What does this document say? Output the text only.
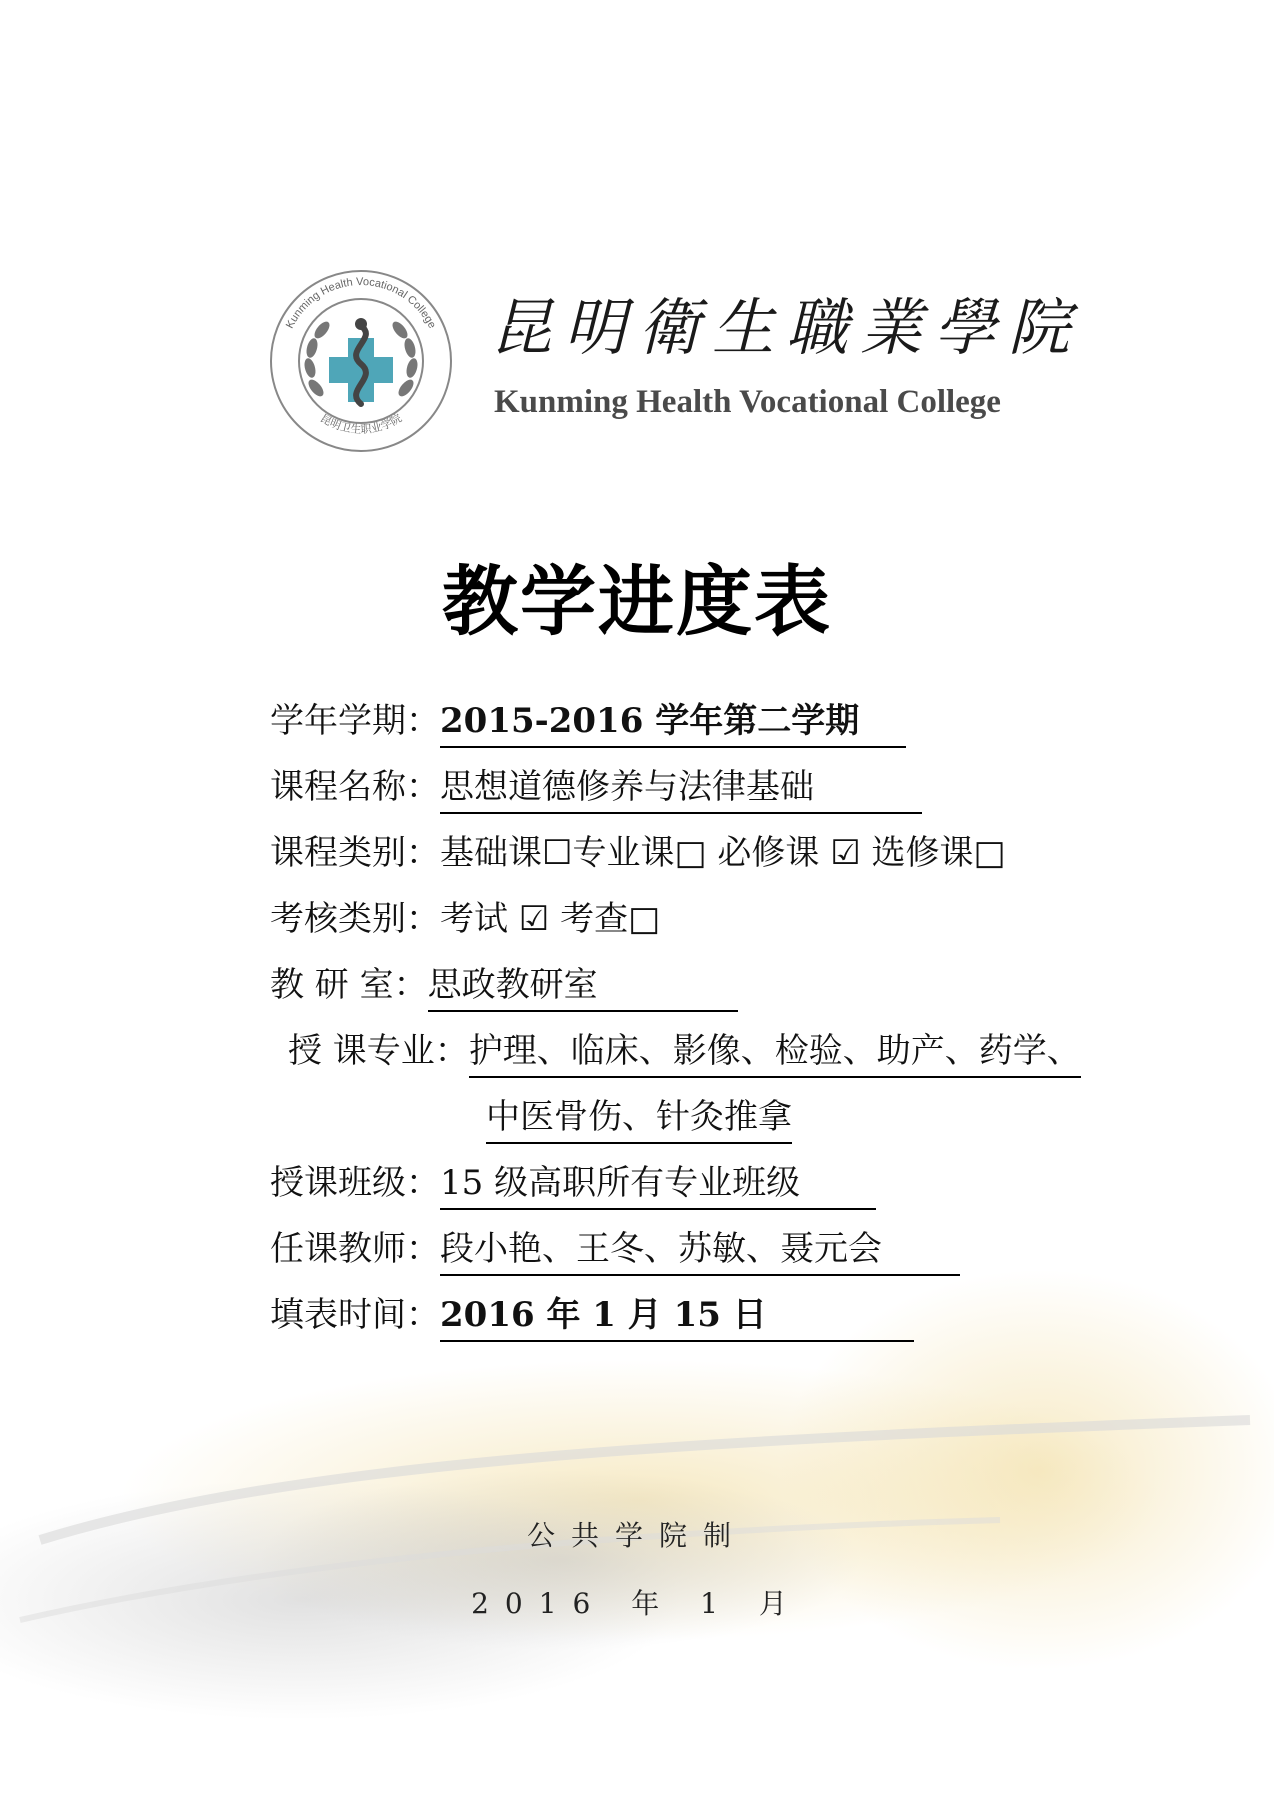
Kunming Health Vocational College
昆明卫生职业学院
昆明衛生職業學院
Kunming Health Vocational College
教学进度表
学年学期：2015-2016 学年第二学期
课程名称：思想道德修养与法律基础
课程类别：基础课☐专业课□ 必修课 ☑ 选修课□
考核类别：考试 ☑ 考查□
教 研 室：思政教研室
授 课专业：护理、临床、影像、检验、助产、药学、
中医骨伤、针灸推拿
授课班级：15 级高职所有专业班级
任课教师：段小艳、王冬、苏敏、聂元会
填表时间：2016 年 1 月 15 日
公共学院制
2016 年 1 月
